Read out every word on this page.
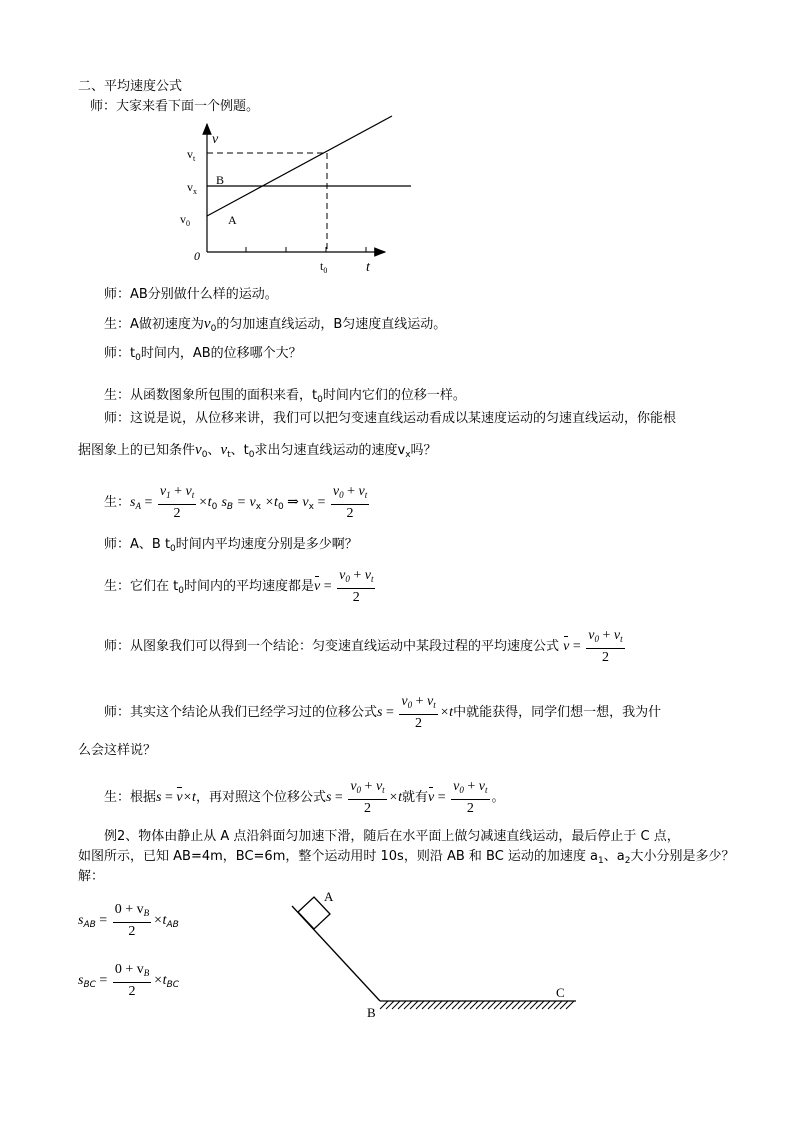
二、平均速度公式
师：大家来看下面一个例题。
v
t
0
$v_t$
$v_x$
$v_0$
$t_0$
B
A
师：AB分别做什么样的运动。
生：A做初速度为$v_0$的匀加速直线运动，B匀速度直线运动。
师：$t_0$时间内，AB的位移哪个大？
生：从函数图象所包围的面积来看，$t_0$时间内它们的位移一样。
师：这说是说，从位移来讲，我们可以把匀变速直线运动看成以某速度运动的匀速直线运动，你能根
据图象上的已知条件$v_0$、$v_t$、$t_0$求出匀速直线运动的速度$v_x$吗？
生：$s_A = \frac{v_1 + v_t}{2} \times t_0$ $s_B = v_x \times t_0$ ⇒ $v_x = \frac{v_0 + v_t}{2}$
师：A、B $t_0$时间内平均速度分别是多少啊？
生：它们在 $t_0$时间内的平均速度都是$v = \frac{v_0 + v_t}{2}$
师：从图象我们可以得到一个结论：匀变速直线运动中某段过程的平均速度公式 $v = \frac{v_0 + v_t}{2}$
师：其实这个结论从我们已经学习过的位移公式$s = \frac{v_0 + v_t}{2} \times t$中就能获得，同学们想一想，我为什
么会这样说？
生：根据s = v×t，再对照这个位移公式$s = \frac{v_0 + v_t}{2} \times t$就有$v = \frac{v_0 + v_t}{2}$ 。
例2、物体由静止从 A 点沿斜面匀加速下滑，随后在水平面上做匀减速直线运动，最后停止于 C 点，
如图所示，已知 AB=4m，BC=6m，整个运动用时 10s，则沿 AB 和 BC 运动的加速度 $a_1$、$a_2$大小分别是多少？
解：
$s_{AB} = \frac{0 + v_B}{2} \times t_{AB}$
$s_{BC} = \frac{0 + v_B}{2} \times t_{BC}$
A
B
C
